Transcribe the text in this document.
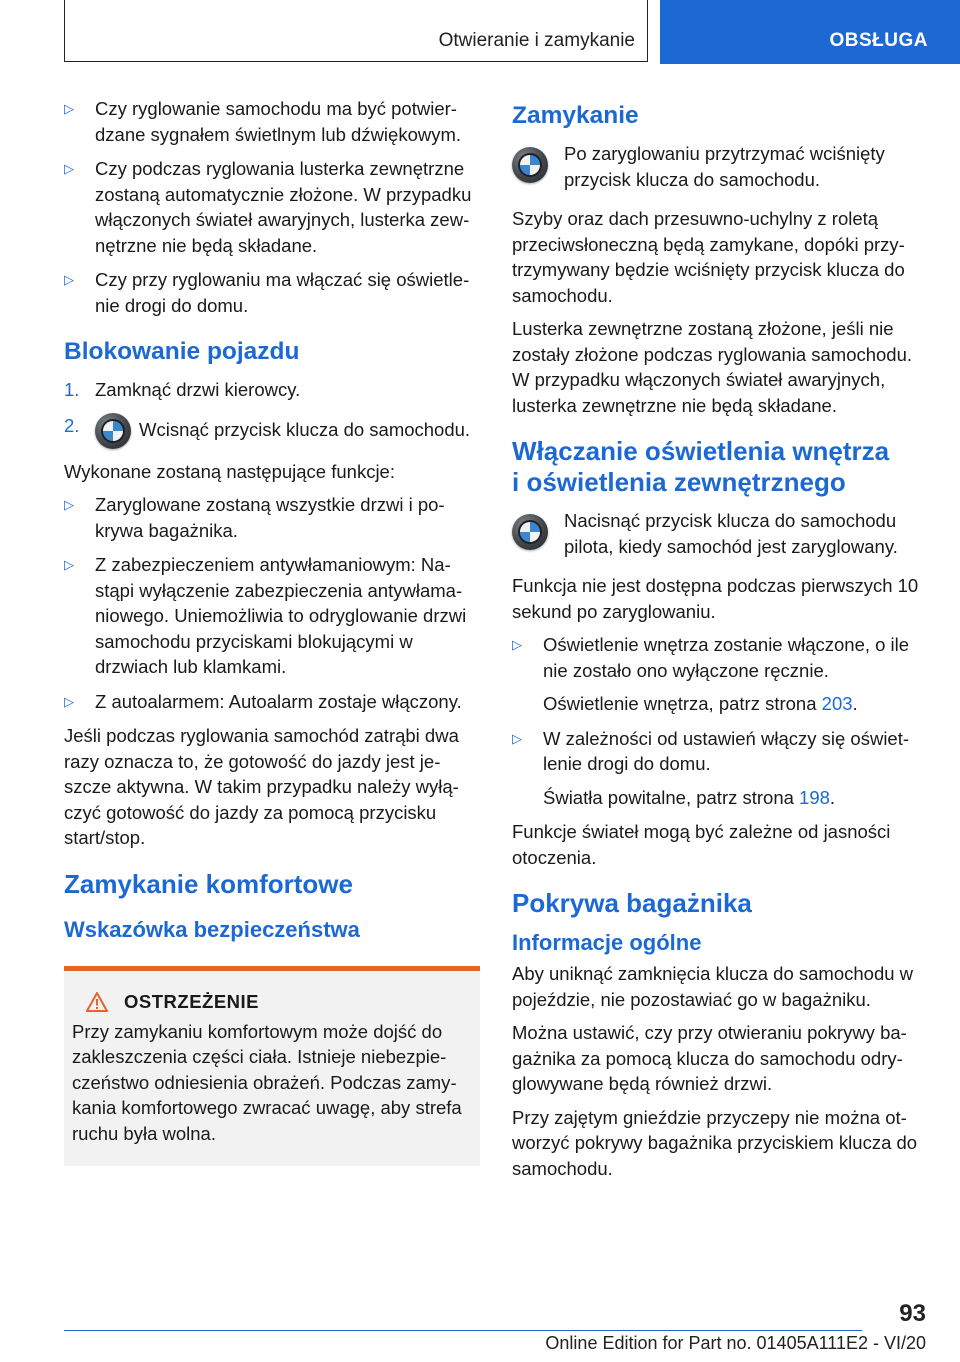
Otwieranie i zamykanie	OBSŁUGA
▷	Czy ryglowanie samochodu ma być potwierdzane sygnałem świetlnym lub dźwiękowym.
▷	Czy podczas ryglowania lusterka zewnętrzne zostaną automatycznie złożone. W przypadku włączonych świateł awaryjnych, lusterka zewnętrzne nie będą składane.
▷	Czy przy ryglowaniu ma włączać się oświetlenie drogi do domu.
Blokowanie pojazdu
1. Zamknąć drzwi kierowcy.
2.	Wcisnąć przycisk klucza do samochodu.

Wykonane zostaną następujące funkcje:

▷	Zaryglowane zostaną wszystkie drzwi i pokrywa bagażnika.
▷	Z zabezpieczeniem antywłamaniowym: Nastąpi wyłączenie zabezpieczenia antywłamaniowego. Uniemożliwia to odryglowanie drzwi samochodu przyciskami blokującymi w drzwiach lub klamkami.
▷	Z autoalarmem: Autoalarm zostaje włączony.

Jeśli podczas ryglowania samochód zatrąbi dwa razy oznacza to, że gotowość do jazdy jest jeszcze aktywna. W takim przypadku należy wyłączyć gotowość do jazdy za pomocą przycisku start/stop.

Zamykanie komfortowe
Wskazówka bezpieczeństwa
OSTRZEŻENIE

Przy zamykaniu komfortowym może dojść do zakleszczenia części ciała. Istnieje niebezpieczeństwo odniesienia obrażeń. Podczas zamykania komfortowego zwracać uwagę, aby strefa ruchu była wolna.

Zamykanie
Po zaryglowaniu przytrzymać wciśnięty przycisk klucza do samochodu.

Szyby oraz dach przesuwno-uchylny z roletą przeciwsłoneczną będą zamykane, dopóki przytrzymywany będzie wciśnięty przycisk klucza do samochodu.

Lusterka zewnętrzne zostaną złożone, jeśli nie zostały złożone podczas ryglowania samochodu. W przypadku włączonych świateł awaryjnych, lusterka zewnętrzne nie będą składane.

Włączanie oświetlenia wnętrza
i oświetlenia zewnętrznego
Nacisnąć przycisk klucza do samochodu pilota, kiedy samochód jest zaryglowany.

Funkcja nie jest dostępna podczas pierwszych 10 sekund po zaryglowaniu.

▷	Oświetlenie wnętrza zostanie włączone, o ile nie zostało ono wyłączone ręcznie.
Oświetlenie wnętrza, patrz strona 203.
▷	W zależności od ustawień włączy się oświetlenie drogi do domu.
Światła powitalne, patrz strona 198.

Funkcje świateł mogą być zależne od jasności otoczenia.

Pokrywa bagażnika
Informacje ogólne

Aby uniknąć zamknięcia klucza do samochodu w pojeździe, nie pozostawiać go w bagażniku.

Można ustawić, czy przy otwieraniu pokrywy bagażnika za pomocą klucza do samochodu odryglowywane będą również drzwi.

Przy zajętym gnieździe przyczepy nie można otworzyć pokrywy bagażnika przyciskiem klucza do samochodu.

93
Online Edition for Part no. 01405A111E2 - VI/20
